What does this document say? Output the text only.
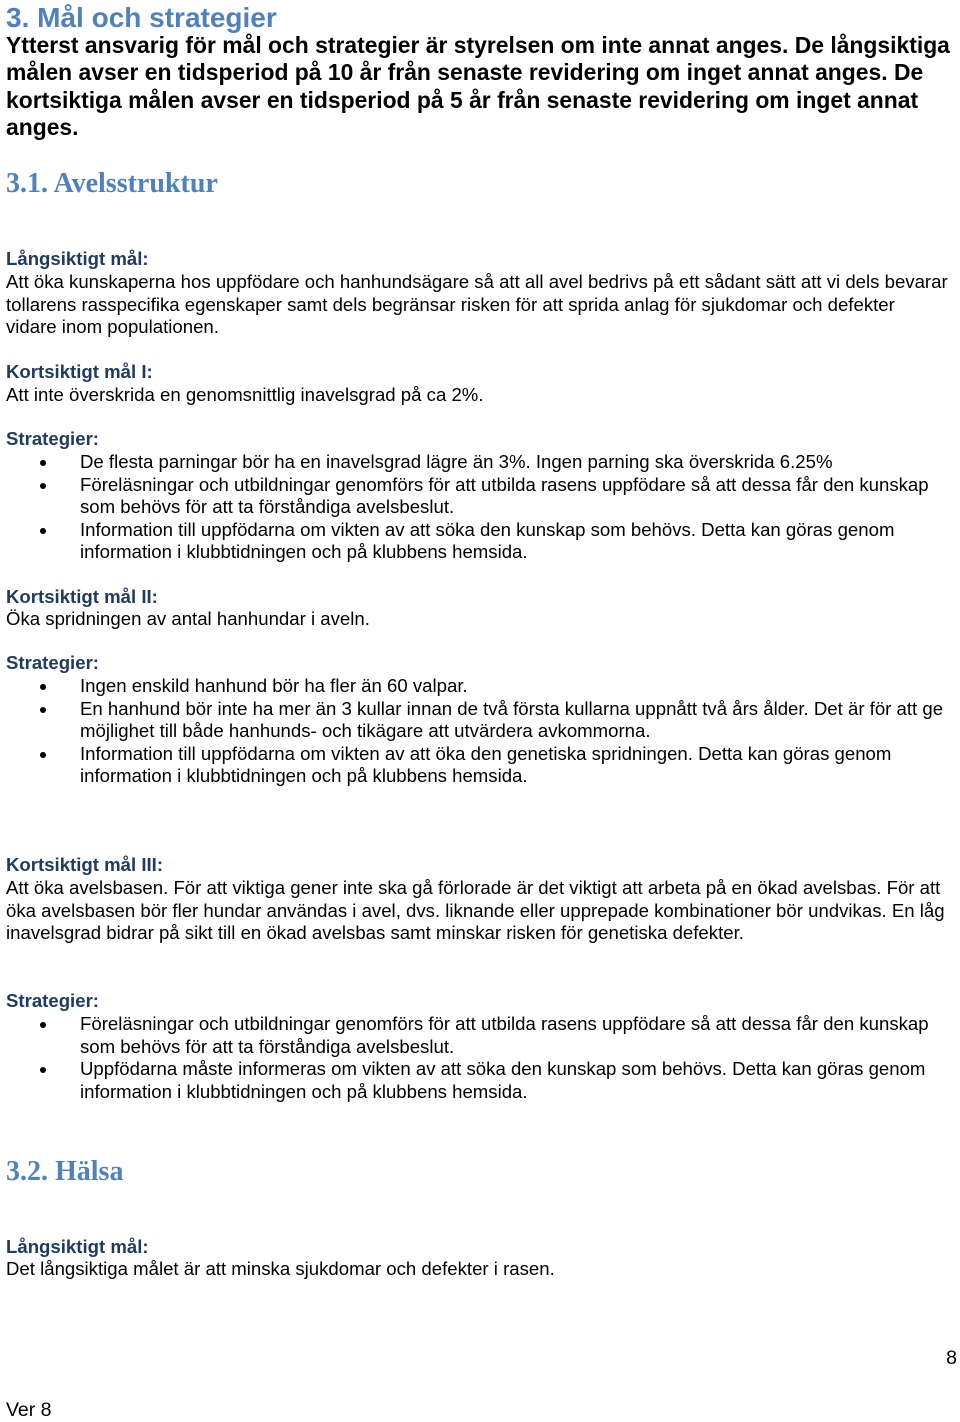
3. Mål och strategier
Ytterst ansvarig för mål och strategier är styrelsen om inte annat anges. De långsiktiga
målen avser en tidsperiod på 10 år från senaste revidering om inget annat anges. De
kortsiktiga målen avser en tidsperiod på 5 år från senaste revidering om inget annat
anges.
3.1. Avelsstruktur
Långsiktigt mål:
Att öka kunskaperna hos uppfödare och hanhundsägare så att all avel bedrivs på ett sådant sätt att vi dels bevarar
tollarens rasspecifika egenskaper samt dels begränsar risken för att sprida anlag för sjukdomar och defekter
vidare inom populationen.
Kortsiktigt mål I:
Att inte överskrida en genomsnittlig inavelsgrad på ca 2%.
Strategier:
De flesta parningar bör ha en inavelsgrad lägre än 3%. Ingen parning ska överskrida 6.25%
Föreläsningar och utbildningar genomförs för att utbilda rasens uppfödare så att dessa får den kunskap
som behövs för att ta förståndiga avelsbeslut.
Information till uppfödarna om vikten av att söka den kunskap som behövs. Detta kan göras genom
information i klubbtidningen och på klubbens hemsida.
Kortsiktigt mål II:
Öka spridningen av antal hanhundar i aveln.
Strategier:
Ingen enskild hanhund bör ha fler än 60 valpar.
En hanhund bör inte ha mer än 3 kullar innan de två första kullarna uppnått två års ålder. Det är för att ge
möjlighet till både hanhunds- och tikägare att utvärdera avkommorna.
Information till uppfödarna om vikten av att öka den genetiska spridningen. Detta kan göras genom
information i klubbtidningen och på klubbens hemsida.
Kortsiktigt mål III:
Att öka avelsbasen. För att viktiga gener inte ska gå förlorade är det viktigt att arbeta på en ökad avelsbas. För att
öka avelsbasen bör fler hundar användas i avel, dvs. liknande eller upprepade kombinationer bör undvikas. En låg
inavelsgrad bidrar på sikt till en ökad avelsbas samt minskar risken för genetiska defekter.
Strategier:
Föreläsningar och utbildningar genomförs för att utbilda rasens uppfödare så att dessa får den kunskap
som behövs för att ta förståndiga avelsbeslut.
Uppfödarna måste informeras om vikten av att söka den kunskap som behövs. Detta kan göras genom
information i klubbtidningen och på klubbens hemsida.
3.2. Hälsa
Långsiktigt mål:
Det långsiktiga målet är att minska sjukdomar och defekter i rasen.
8
Ver 8
